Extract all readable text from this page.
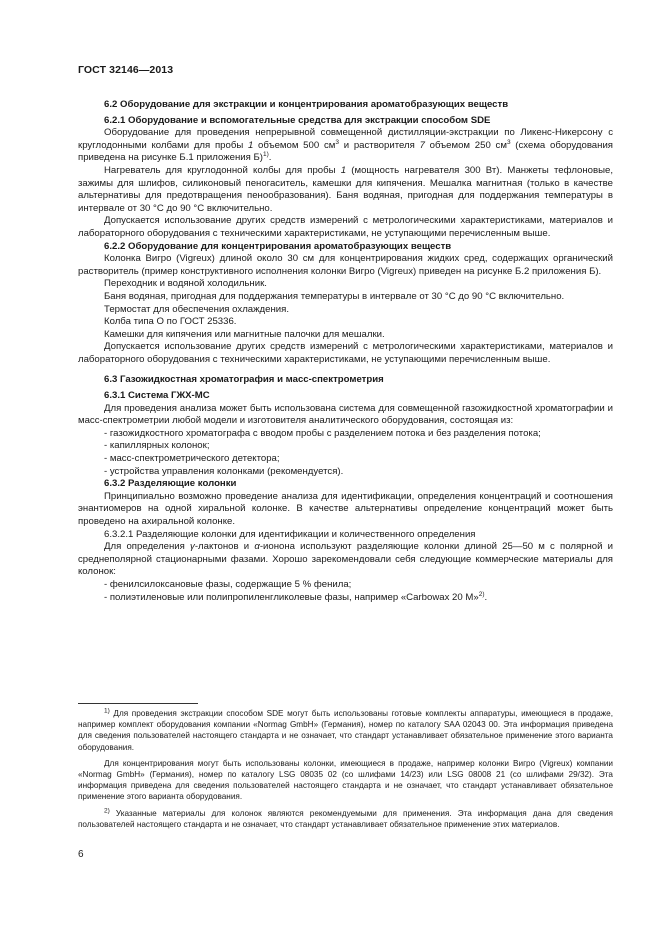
ГОСТ 32146—2013

6.2 Оборудование для экстракции и концентрирования ароматобразующих веществ

6.2.1 Оборудование и вспомогательные средства для экстракции способом SDE

Оборудование для проведения непрерывной совмещенной дистилляции-экстракции по Ликенс-Никерсону с круглодонными колбами для пробы 1 объемом 500 $см^3$ и растворителя 7 объемом 250 $см^3$ (схема оборудования приведена на рисунке Б.1 приложения Б)$^{1)}$.

Нагреватель для круглодонной колбы для пробы 1 (мощность нагревателя 300 Вт). Манжеты тефлоновые, зажимы для шлифов, силиконовый пеногаситель, камешки для кипячения. Мешалка магнитная (только в качестве альтернативы для предотвращения пенообразования). Баня водяная, пригодная для поддержания температуры в интервале от 30 °С до 90 °С включительно.

Допускается использование других средств измерений с метрологическими характеристиками, материалов и лабораторного оборудования с техническими характеристиками, не уступающими перечисленным выше.

6.2.2 Оборудование для концентрирования ароматобразующих веществ

Колонка Вигро (Vigreux) длиной около 30 см для концентрирования жидких сред, содержащих органический растворитель (пример конструктивного исполнения колонки Вигро (Vigreux) приведен на рисунке Б.2 приложения Б).

Переходник и водяной холодильник.

Баня водяная, пригодная для поддержания температуры в интервале от 30 °С до 90 °С включительно.

Термостат для обеспечения охлаждения.

Колба типа О по ГОСТ 25336.

Камешки для кипячения или магнитные палочки для мешалки.

Допускается использование других средств измерений с метрологическими характеристиками, материалов и лабораторного оборудования с техническими характеристиками, не уступающими перечисленным выше.

6.3 Газожидкостная хроматография и масс-спектрометрия

6.3.1 Система ГЖХ-МС

Для проведения анализа может быть использована система для совмещенной газожидкостной хроматографии и масс-спектрометрии любой модели и изготовителя аналитического оборудования, состоящая из:

- газожидкостного хроматографа с вводом пробы с разделением потока и без разделения потока;

- капиллярных колонок;

- масс-спектрометрического детектора;

- устройства управления колонками (рекомендуется).

6.3.2 Разделяющие колонки

Принципиально возможно проведение анализа для идентификации, определения концентраций и соотношения энантиомеров на одной хиральной колонке. В качестве альтернативы определение концентраций может быть проведено на ахиральной колонке.

6.3.2.1 Разделяющие колонки для идентификации и количественного определения

Для определения γ-лактонов и α-ионона используют разделяющие колонки длиной 25—50 м с полярной и среднеполярной стационарными фазами. Хорошо зарекомендовали себя следующие коммерческие материалы для колонок:

- фенилсилоксановые фазы, содержащие 5 % фенила;

- полиэтиленовые или полипропиленгликолевые фазы, например «Carbowax 20 M»$^{2)}$.

$^{1)}$ Для проведения экстракции способом SDE могут быть использованы готовые комплекты аппаратуры, имеющиеся в продаже, например комплект оборудования компании «Normag GmbH» (Германия), номер по каталогу SAA 02043 00. Эта информация приведена для сведения пользователей настоящего стандарта и не означает, что стандарт устанавливает обязательное применение этого варианта оборудования.

Для концентрирования могут быть использованы колонки, имеющиеся в продаже, например колонки Вигро (Vigreux) компании «Normag GmbH» (Германия), номер по каталогу LSG 08035 02 (со шлифами 14/23) или LSG 08008 21 (со шлифами 29/32). Эта информация приведена для сведения пользователей настоящего стандарта и не означает, что стандарт устанавливает обязательное применение этого варианта оборудования.

$^{2)}$ Указанные материалы для колонок являются рекомендуемыми для применения. Эта информация дана для сведения пользователей настоящего стандарта и не означает, что стандарт устанавливает обязательное применение этих материалов.

6
